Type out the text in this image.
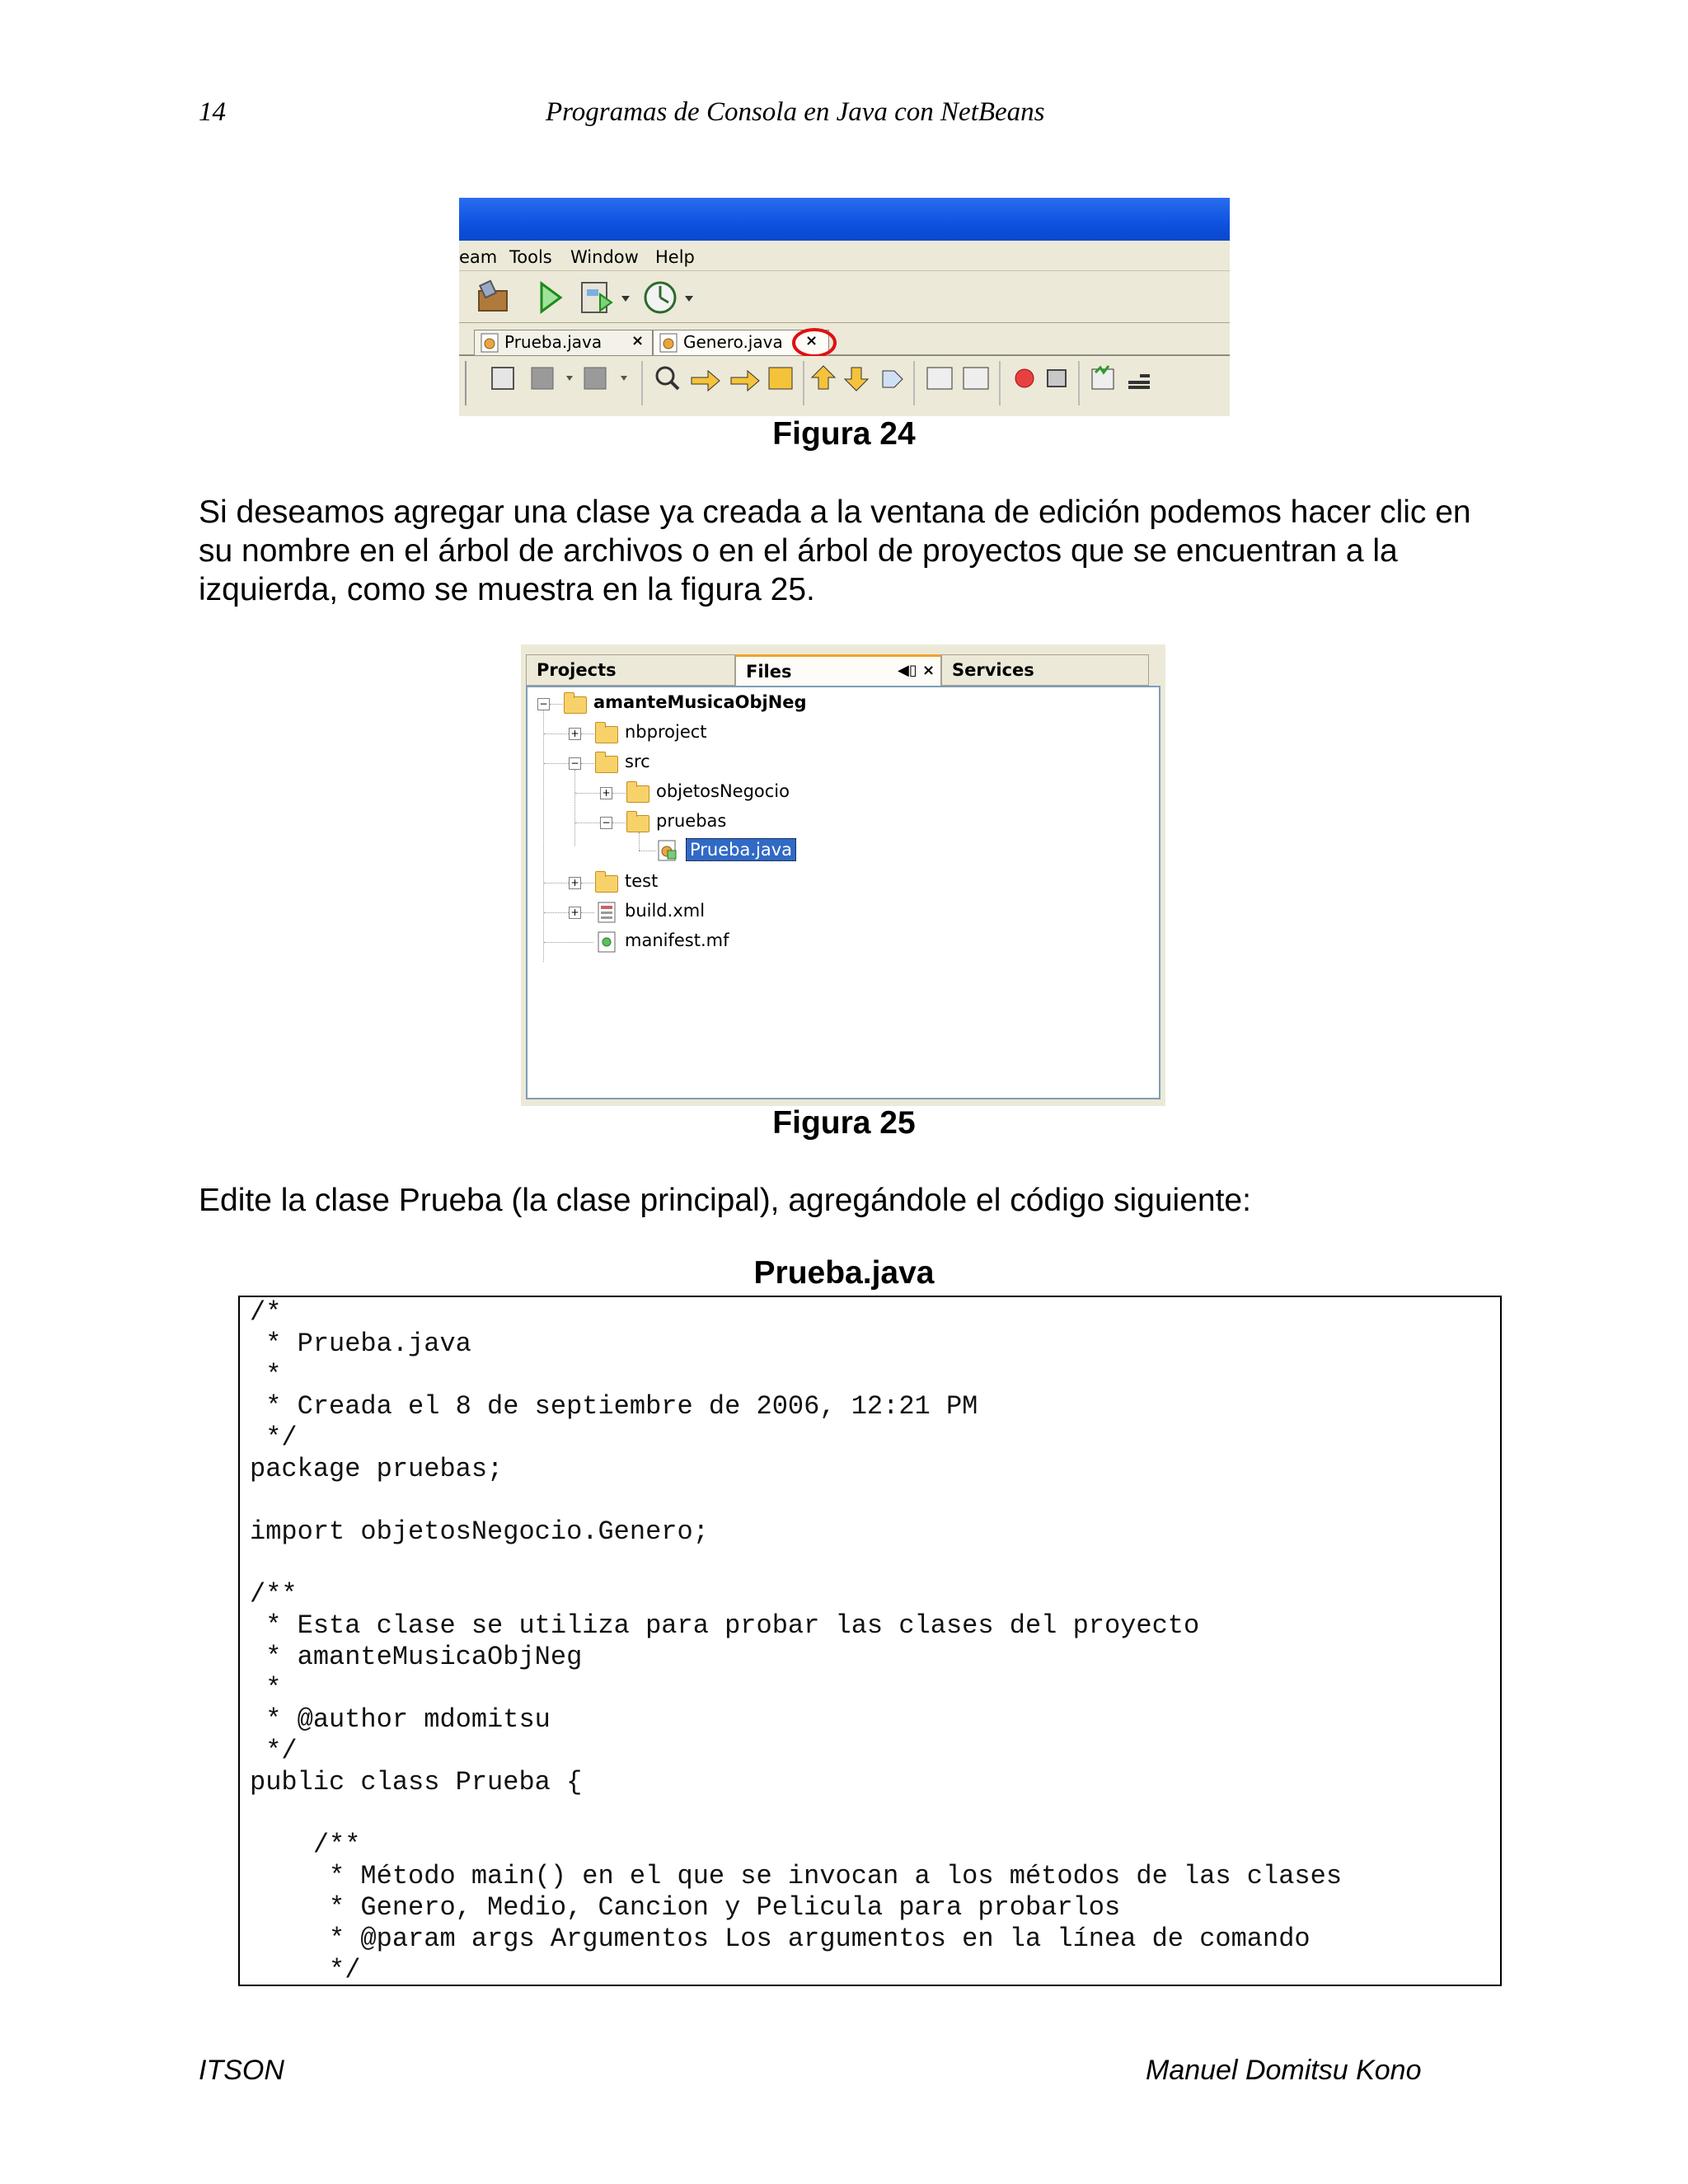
14	Programas de Consola en Java con NetBeans
eam Tools Window Help
Prueba.java × Genero.java ×
Figura 24
Si deseamos agregar una clase ya creada a la ventana de edición podemos hacer clic en su nombre en el árbol de archivos o en el árbol de proyectos que se encuentran a la izquierda, como se muestra en la figura 25.
Projects	Files	◀▯ × Services
−	amanteMusicaObjNeg
+	nbproject
−	src
+	objetosNegocio
−	pruebas
Prueba.java
+	test
+	build.xml
manifest.mf
Figura 25
Edite la clase Prueba (la clase principal), agregándole el código siguiente:
Prueba.java
/*
* Prueba.java
*
* Creada el 8 de septiembre de 2006, 12:21 PM
*/
package pruebas;

import objetosNegocio.Genero;

/**
* Esta clase se utiliza para probar las clases del proyecto
* amanteMusicaObjNeg
*
* @author mdomitsu
*/
public class Prueba {

/**
* Método main() en el que se invocan a los métodos de las clases
* Genero, Medio, Cancion y Pelicula para probarlos
* @param args Argumentos Los argumentos en la línea de comando
*/
ITSON	Manuel Domitsu Kono
